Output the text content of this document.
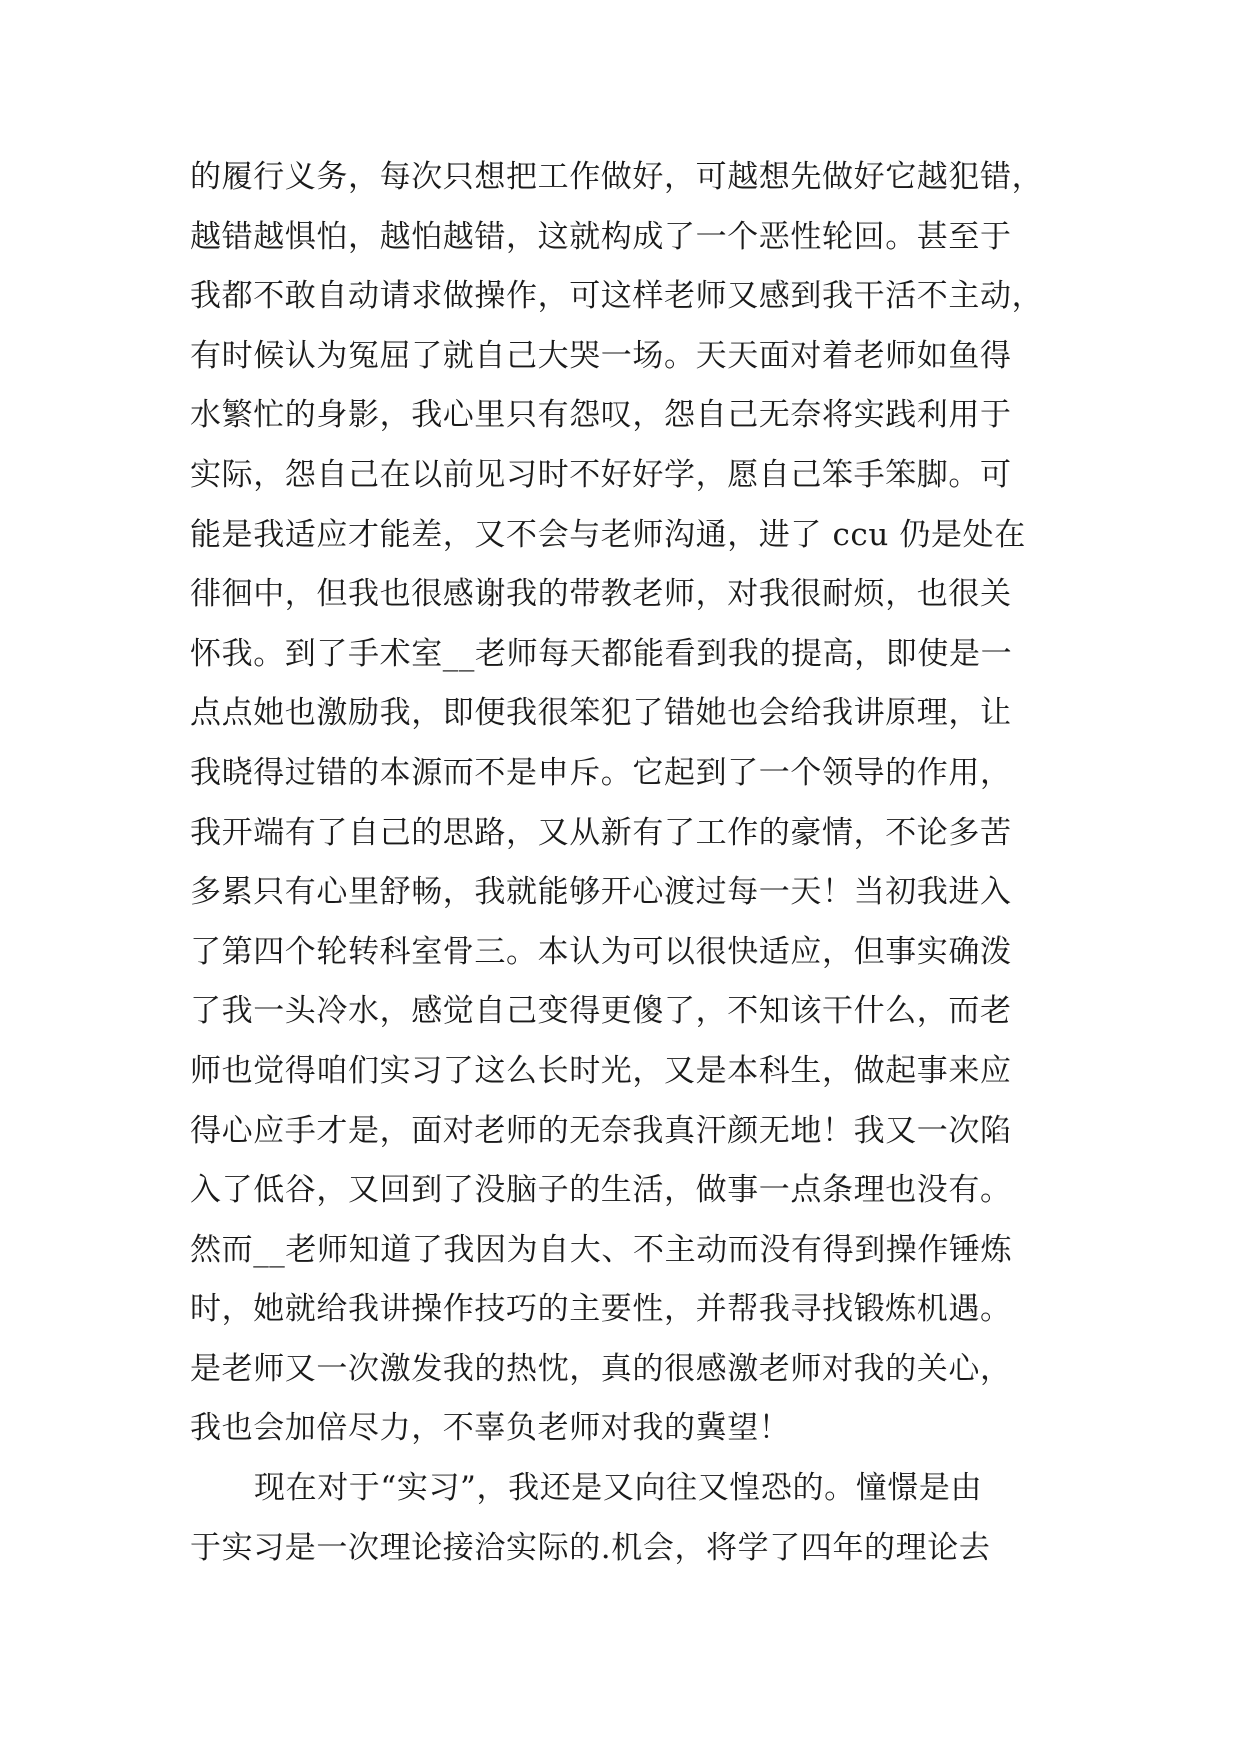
的履行义务，每次只想把工作做好，可越想先做好它越犯错，
越错越惧怕，越怕越错，这就构成了一个恶性轮回。甚至于
我都不敢自动请求做操作，可这样老师又感到我干活不主动，
有时候认为冤屈了就自己大哭一场。天天面对着老师如鱼得
水繁忙的身影，我心里只有怨叹，怨自己无奈将实践利用于
实际，怨自己在以前见习时不好好学，愿自己笨手笨脚。可
能是我适应才能差，又不会与老师沟通，进了 ccu 仍是处在
徘徊中，但我也很感谢我的带教老师，对我很耐烦，也很关
怀我。到了手术室__老师每天都能看到我的提高，即使是一
点点她也激励我，即便我很笨犯了错她也会给我讲原理，让
我晓得过错的本源而不是申斥。它起到了一个领导的作用，
我开端有了自己的思路，又从新有了工作的豪情，不论多苦
多累只有心里舒畅，我就能够开心渡过每一天！当初我进入
了第四个轮转科室骨三。本认为可以很快适应，但事实确泼
了我一头冷水，感觉自己变得更傻了，不知该干什么，而老
师也觉得咱们实习了这么长时光，又是本科生，做起事来应
得心应手才是，面对老师的无奈我真汗颜无地！我又一次陷
入了低谷，又回到了没脑子的生活，做事一点条理也没有。
然而__老师知道了我因为自大、不主动而没有得到操作锤炼
时，她就给我讲操作技巧的主要性，并帮我寻找锻炼机遇。
是老师又一次激发我的热忱，真的很感激老师对我的关心，
我也会加倍尽力，不辜负老师对我的冀望！
现在对于“实习”，我还是又向往又惶恐的。憧憬是由
于实习是一次理论接洽实际的.机会，将学了四年的理论去
